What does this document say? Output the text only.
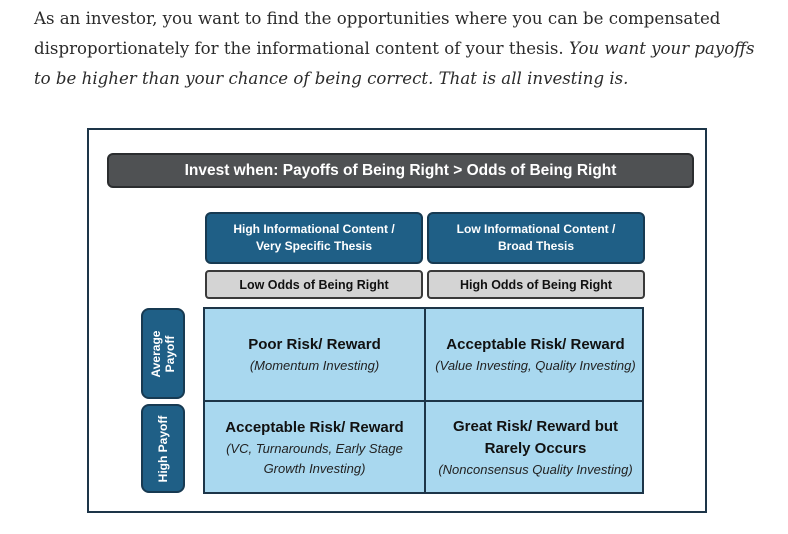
As an investor, you want to find the opportunities where you can be compensated disproportionately for the informational content of your thesis. You want your payoffs to be higher than your chance of being correct. That is all investing is.

Invest when: Payoffs of Being Right > Odds of Being Right
High Informational Content /
Very Specific Thesis
Low Informational Content /
Broad Thesis
Low Odds of Being Right	High Odds of Being Right
Average Payoff
High Payoff
Poor Risk/ Reward
(Momentum Investing)
Acceptable Risk/ Reward
(Value Investing, Quality Investing)
Acceptable Risk/ Reward
(VC, Turnarounds, Early Stage
Growth Investing)
Great Risk/ Reward but
Rarely Occurs
(Nonconsensus Quality Investing)
